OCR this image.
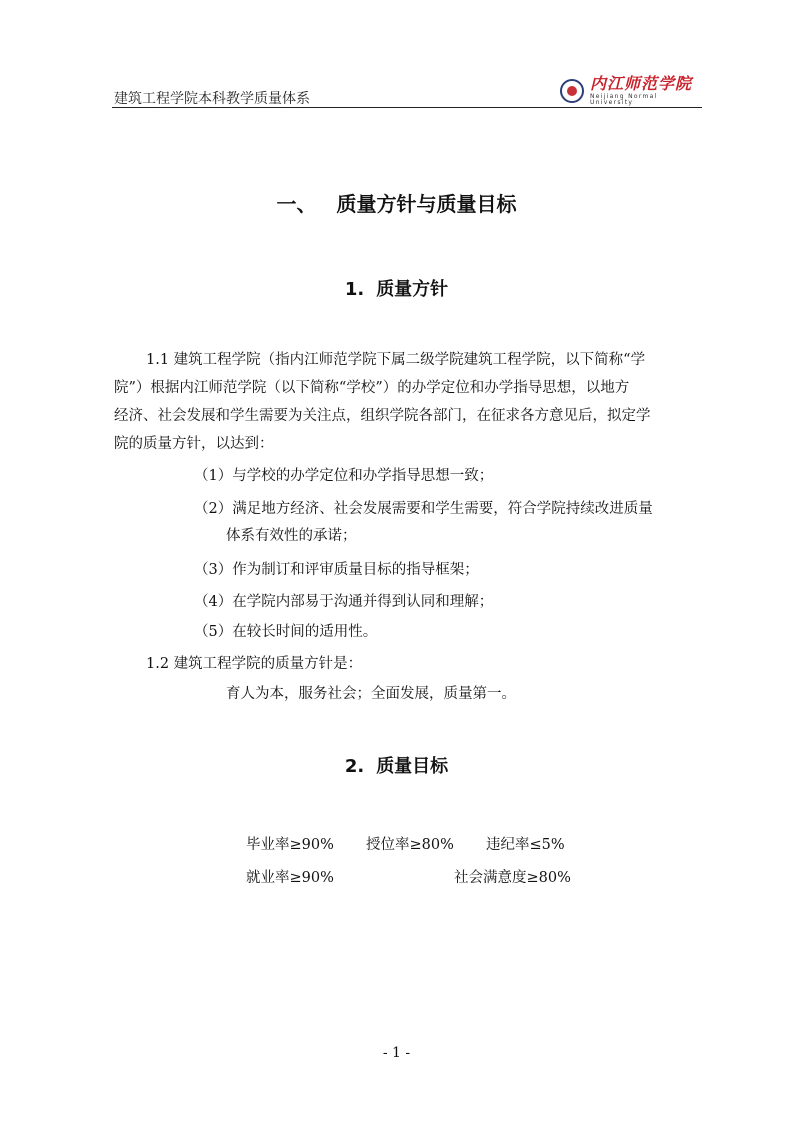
建筑工程学院本科教学质量体系
内江师范学院
Neijiang Normal University
一、 质量方针与质量目标
1. 质量方针
1.1 建筑工程学院（指内江师范学院下属二级学院建筑工程学院，以下简称“学
院”）根据内江师范学院（以下简称“学校”）的办学定位和办学指导思想，以地方
经济、社会发展和学生需要为关注点，组织学院各部门，在征求各方意见后，拟定学
院的质量方针，以达到：
（1）与学校的办学定位和办学指导思想一致；
（2）满足地方经济、社会发展需要和学生需要，符合学院持续改进质量
体系有效性的承诺；
（3）作为制订和评审质量目标的指导框架；
（4）在学院内部易于沟通并得到认同和理解；
（5）在较长时间的适用性。
1.2 建筑工程学院的质量方针是：
育人为本，服务社会；全面发展，质量第一。
2. 质量目标
毕业率≥90% 授位率≥80% 违纪率≤5%
就业率≥90%	社会满意度≥80%
- 1 -
